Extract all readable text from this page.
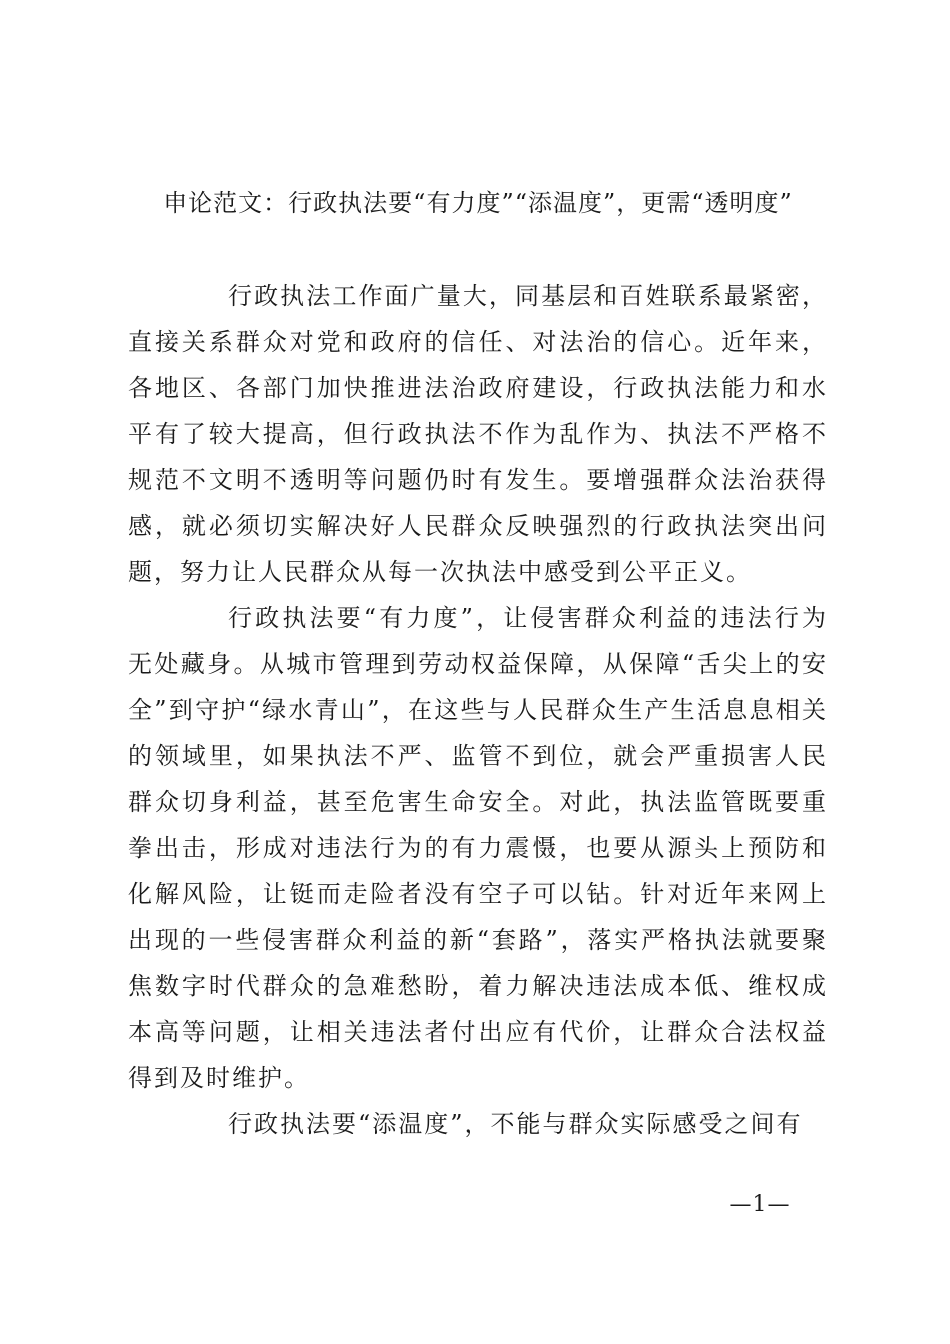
申论范文：行政执法要“有力度”“添温度”，更需“透明度”

行政执法工作面广量大，同基层和百姓联系最紧密，直接关系群众对党和政府的信任、对法治的信心。近年来，各地区、各部门加快推进法治政府建设，行政执法能力和水平有了较大提高，但行政执法不作为乱作为、执法不严格不规范不文明不透明等问题仍时有发生。要增强群众法治获得感，就必须切实解决好人民群众反映强烈的行政执法突出问题，努力让人民群众从每一次执法中感受到公平正义。

行政执法要“有力度”，让侵害群众利益的违法行为无处藏身。从城市管理到劳动权益保障，从保障“舌尖上的安全”到守护“绿水青山”，在这些与人民群众生产生活息息相关的领域里，如果执法不严、监管不到位，就会严重损害人民群众切身利益，甚至危害生命安全。对此，执法监管既要重拳出击，形成对违法行为的有力震慑，也要从源头上预防和化解风险，让铤而走险者没有空子可以钻。针对近年来网上出现的一些侵害群众利益的新“套路”，落实严格执法就要聚焦数字时代群众的急难愁盼，着力解决违法成本低、维权成本高等问题，让相关违法者付出应有代价，让群众合法权益得到及时维护。

行政执法要“添温度”，不能与群众实际感受之间有

—1—
